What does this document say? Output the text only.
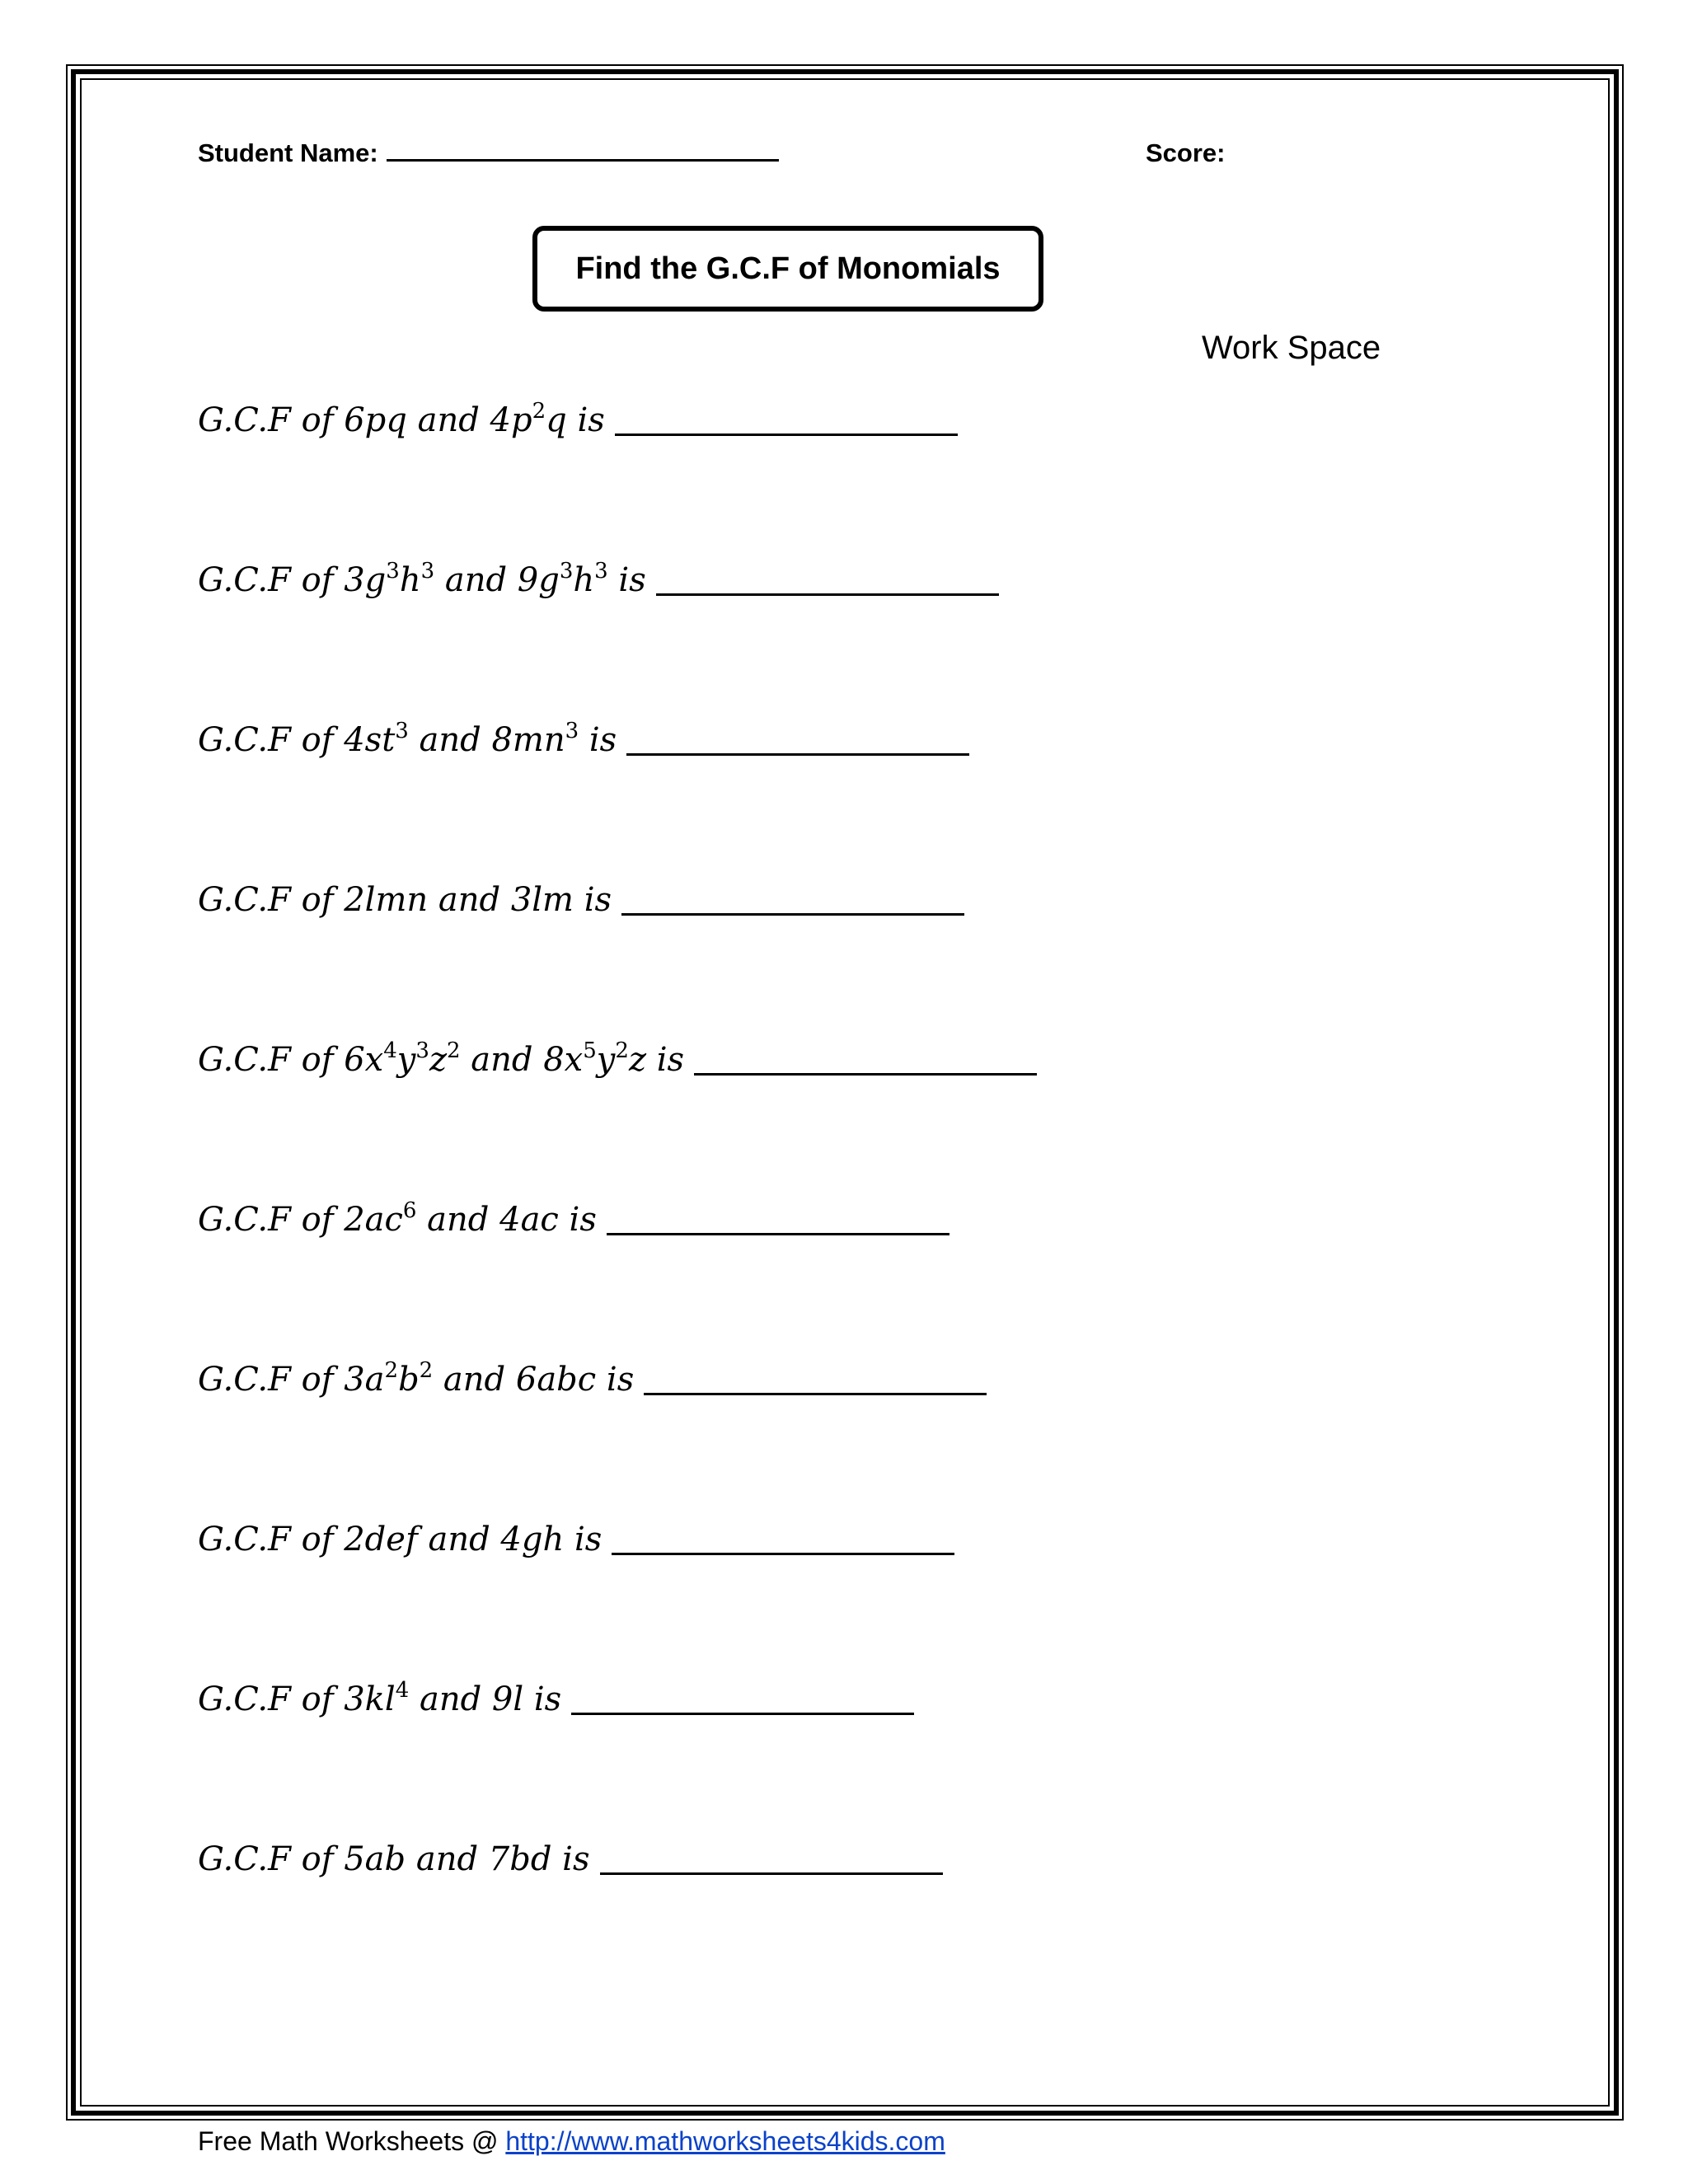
Student Name:	Score:
Find the G.C.F of Monomials
Work Space
G.C.F of 6pq and $4p^2q$ is
G.C.F of $3g^3h^3$ and $9g^3h^3$ is
G.C.F of $4st^3$ and $8mn^3$ is
G.C.F of 2lmn and 3lm is
G.C.F of $6x^4y^3z^2$ and $8x^5y^2z$ is
G.C.F of $2ac^6$ and 4ac is
G.C.F of $3a^2b^2$ and 6abc is
G.C.F of 2def and 4gh is
G.C.F of $3kl^4$ and 9l is
G.C.F of 5ab and 7bd is
Free Math Worksheets @ http://www.mathworksheets4kids.com
